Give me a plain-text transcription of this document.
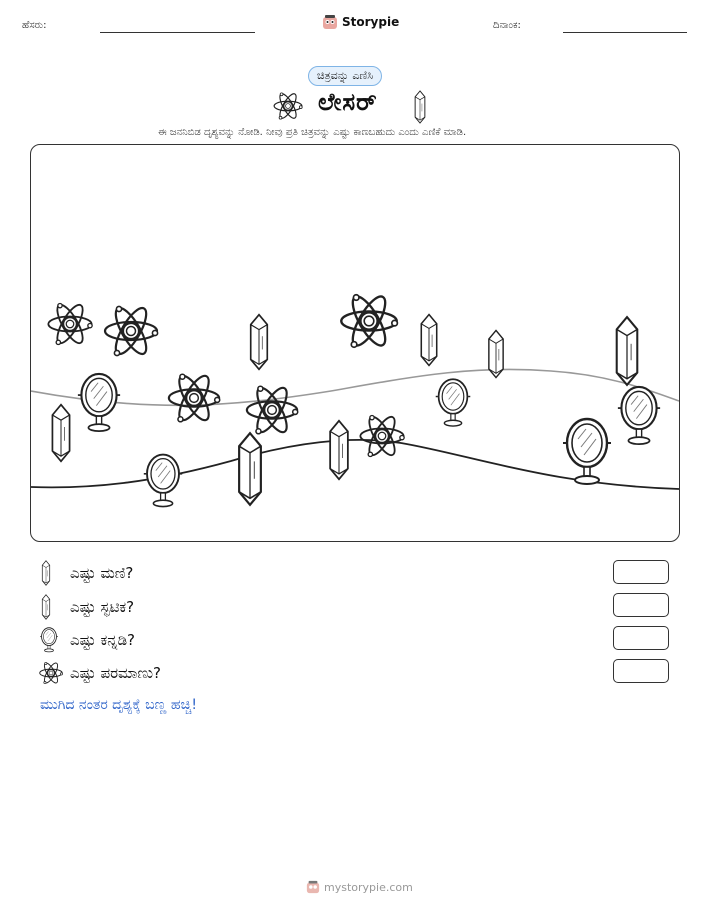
ಹೆಸರು:	Storypie	ದಿನಾಂಕ:
ಚಿತ್ರವನ್ನು ಎಣಿಸಿ
ಲೇಸರ್
ಈ ಜನನಿಬಿಡ ದೃಶ್ಯವನ್ನು ನೋಡಿ. ನೀವು ಪ್ರತಿ ಚಿತ್ರವನ್ನು ಎಷ್ಟು ಕಾಣಬಹುದು ಎಂದು ಎಣಿಕೆ ಮಾಡಿ.
ಎಷ್ಟು ಮಣಿ?
ಎಷ್ಟು ಸ್ಫಟಿಕ?
ಎಷ್ಟು ಕನ್ನಡಿ?
ಎಷ್ಟು ಪರಮಾಣು?
ಮುಗಿದ ನಂತರ ದೃಶ್ಯಕ್ಕೆ ಬಣ್ಣ ಹಚ್ಚಿ!
mystorypie.com
